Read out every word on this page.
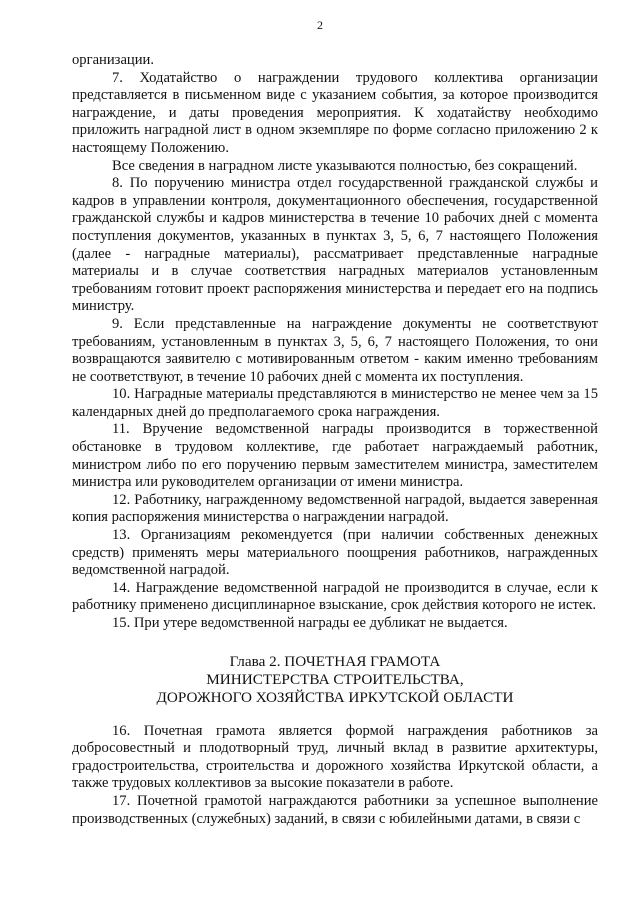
2

организации.

7. Ходатайство о награждении трудового коллектива организации представляется в письменном виде с указанием события, за которое производится награждение, и даты проведения мероприятия. К ходатайству необходимо приложить наградной лист в одном экземпляре по форме согласно приложению 2 к настоящему Положению.

Все сведения в наградном листе указываются полностью, без сокращений.

8. По поручению министра отдел государственной гражданской службы и кадров в управлении контроля, документационного обеспечения, государственной гражданской службы и кадров министерства в течение 10 рабочих дней с момента поступления документов, указанных в пунктах 3, 5, 6, 7 настоящего Положения (далее - наградные материалы), рассматривает представленные наградные материалы и в случае соответствия наградных материалов установленным требованиям готовит проект распоряжения министерства и передает его на подпись министру.

9. Если представленные на награждение документы не соответствуют требованиям, установленным в пунктах 3, 5, 6, 7 настоящего Положения, то они возвращаются заявителю с мотивированным ответом - каким именно требованиям не соответствуют, в течение 10 рабочих дней с момента их поступления.

10. Наградные материалы представляются в министерство не менее чем за 15 календарных дней до предполагаемого срока награждения.

11. Вручение ведомственной награды производится в торжественной обстановке в трудовом коллективе, где работает награждаемый работник, министром либо по его поручению первым заместителем министра, заместителем министра или руководителем организации от имени министра.

12. Работнику, награжденному ведомственной наградой, выдается заверенная копия распоряжения министерства о награждении наградой.

13. Организациям рекомендуется (при наличии собственных денежных средств) применять меры материального поощрения работников, награжденных ведомственной наградой.

14. Награждение ведомственной наградой не производится в случае, если к работнику применено дисциплинарное взыскание, срок действия которого не истек.

15. При утере ведомственной награды ее дубликат не выдается.

Глава 2. ПОЧЕТНАЯ ГРАМОТА
МИНИСТЕРСТВА СТРОИТЕЛЬСТВА,
ДОРОЖНОГО ХОЗЯЙСТВА ИРКУТСКОЙ ОБЛАСТИ

16. Почетная грамота является формой награждения работников за добросовестный и плодотворный труд, личный вклад в развитие архитектуры, градостроительства, строительства и дорожного хозяйства Иркутской области, а также трудовых коллективов за высокие показатели в работе.

17. Почетной грамотой награждаются работники за успешное выполнение производственных (служебных) заданий, в связи с юбилейными датами, в связи с
